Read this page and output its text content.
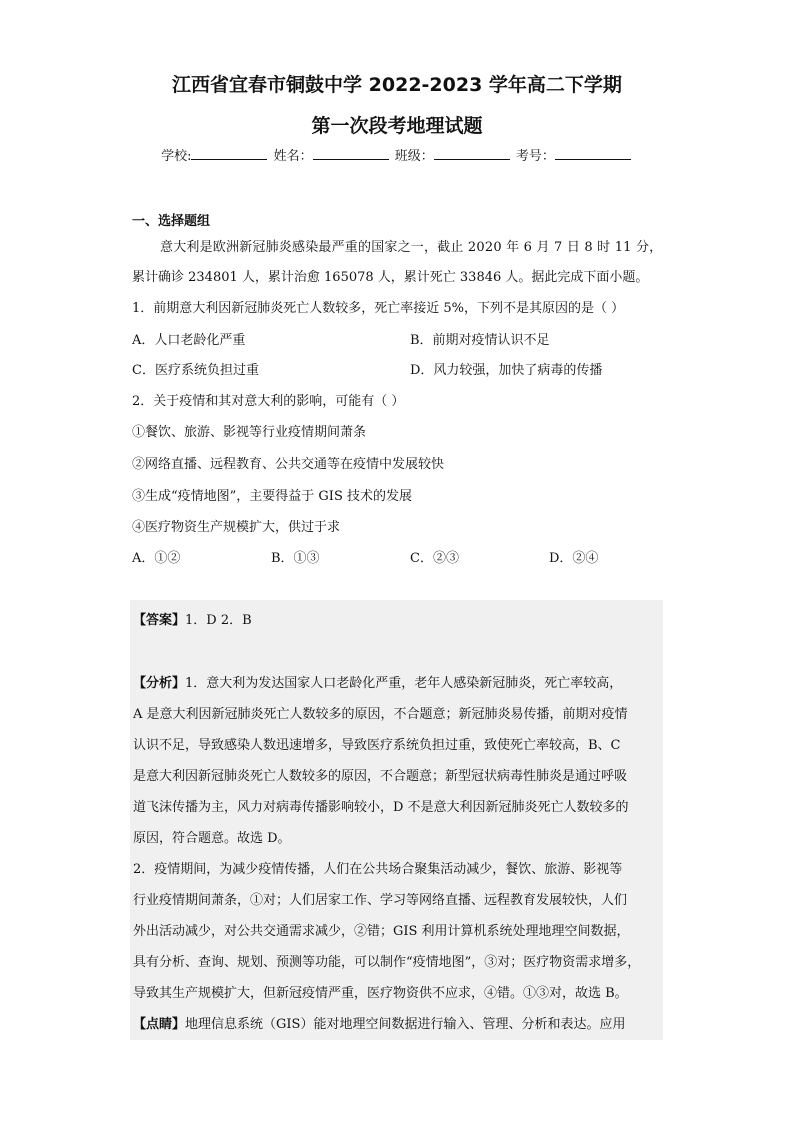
江西省宜春市铜鼓中学 2022-2023 学年高二下学期
第一次段考地理试题
学校:	姓名：	班级：	考号：
一、选择题组
意大利是欧洲新冠肺炎感染最严重的国家之一，截止 2020 年 6 月 7 日 8 时 11 分，
累计确诊 234801 人，累计治愈 165078 人，累计死亡 33846 人。据此完成下面小题。
1．前期意大利因新冠肺炎死亡人数较多，死亡率接近 5%，下列不是其原因的是（ ）
A．人口老龄化严重	B．前期对疫情认识不足
C．医疗系统负担过重	D．风力较强，加快了病毒的传播
2．关于疫情和其对意大利的影响，可能有（ ）
①餐饮、旅游、影视等行业疫情期间萧条
②网络直播、远程教育、公共交通等在疫情中发展较快
③生成“疫情地图”，主要得益于 GIS 技术的发展
④医疗物资生产规模扩大，供过于求
A．①②	B．①③	C．②③	D．②④
【答案】1．D 2．B
【分析】1．意大利为发达国家人口老龄化严重，老年人感染新冠肺炎，死亡率较高，
A 是意大利因新冠肺炎死亡人数较多的原因，不合题意；新冠肺炎易传播，前期对疫情
认识不足，导致感染人数迅速增多，导致医疗系统负担过重，致使死亡率较高，B、C
是意大利因新冠肺炎死亡人数较多的原因，不合题意；新型冠状病毒性肺炎是通过呼吸
道飞沫传播为主，风力对病毒传播影响较小，D 不是意大利因新冠肺炎死亡人数较多的
原因，符合题意。故选 D。
2．疫情期间，为减少疫情传播，人们在公共场合聚集活动减少，餐饮、旅游、影视等
行业疫情期间萧条，①对；人们居家工作、学习等网络直播、远程教育发展较快，人们
外出活动减少，对公共交通需求减少，②错；GIS 利用计算机系统处理地理空间数据，
具有分析、查询、规划、预测等功能，可以制作“疫情地图”，③对；医疗物资需求增多，
导致其生产规模扩大，但新冠疫情严重，医疗物资供不应求，④错。①③对，故选 B。
【点睛】地理信息系统（GIS）能对地理空间数据进行输入、管理、分析和表达。应用
